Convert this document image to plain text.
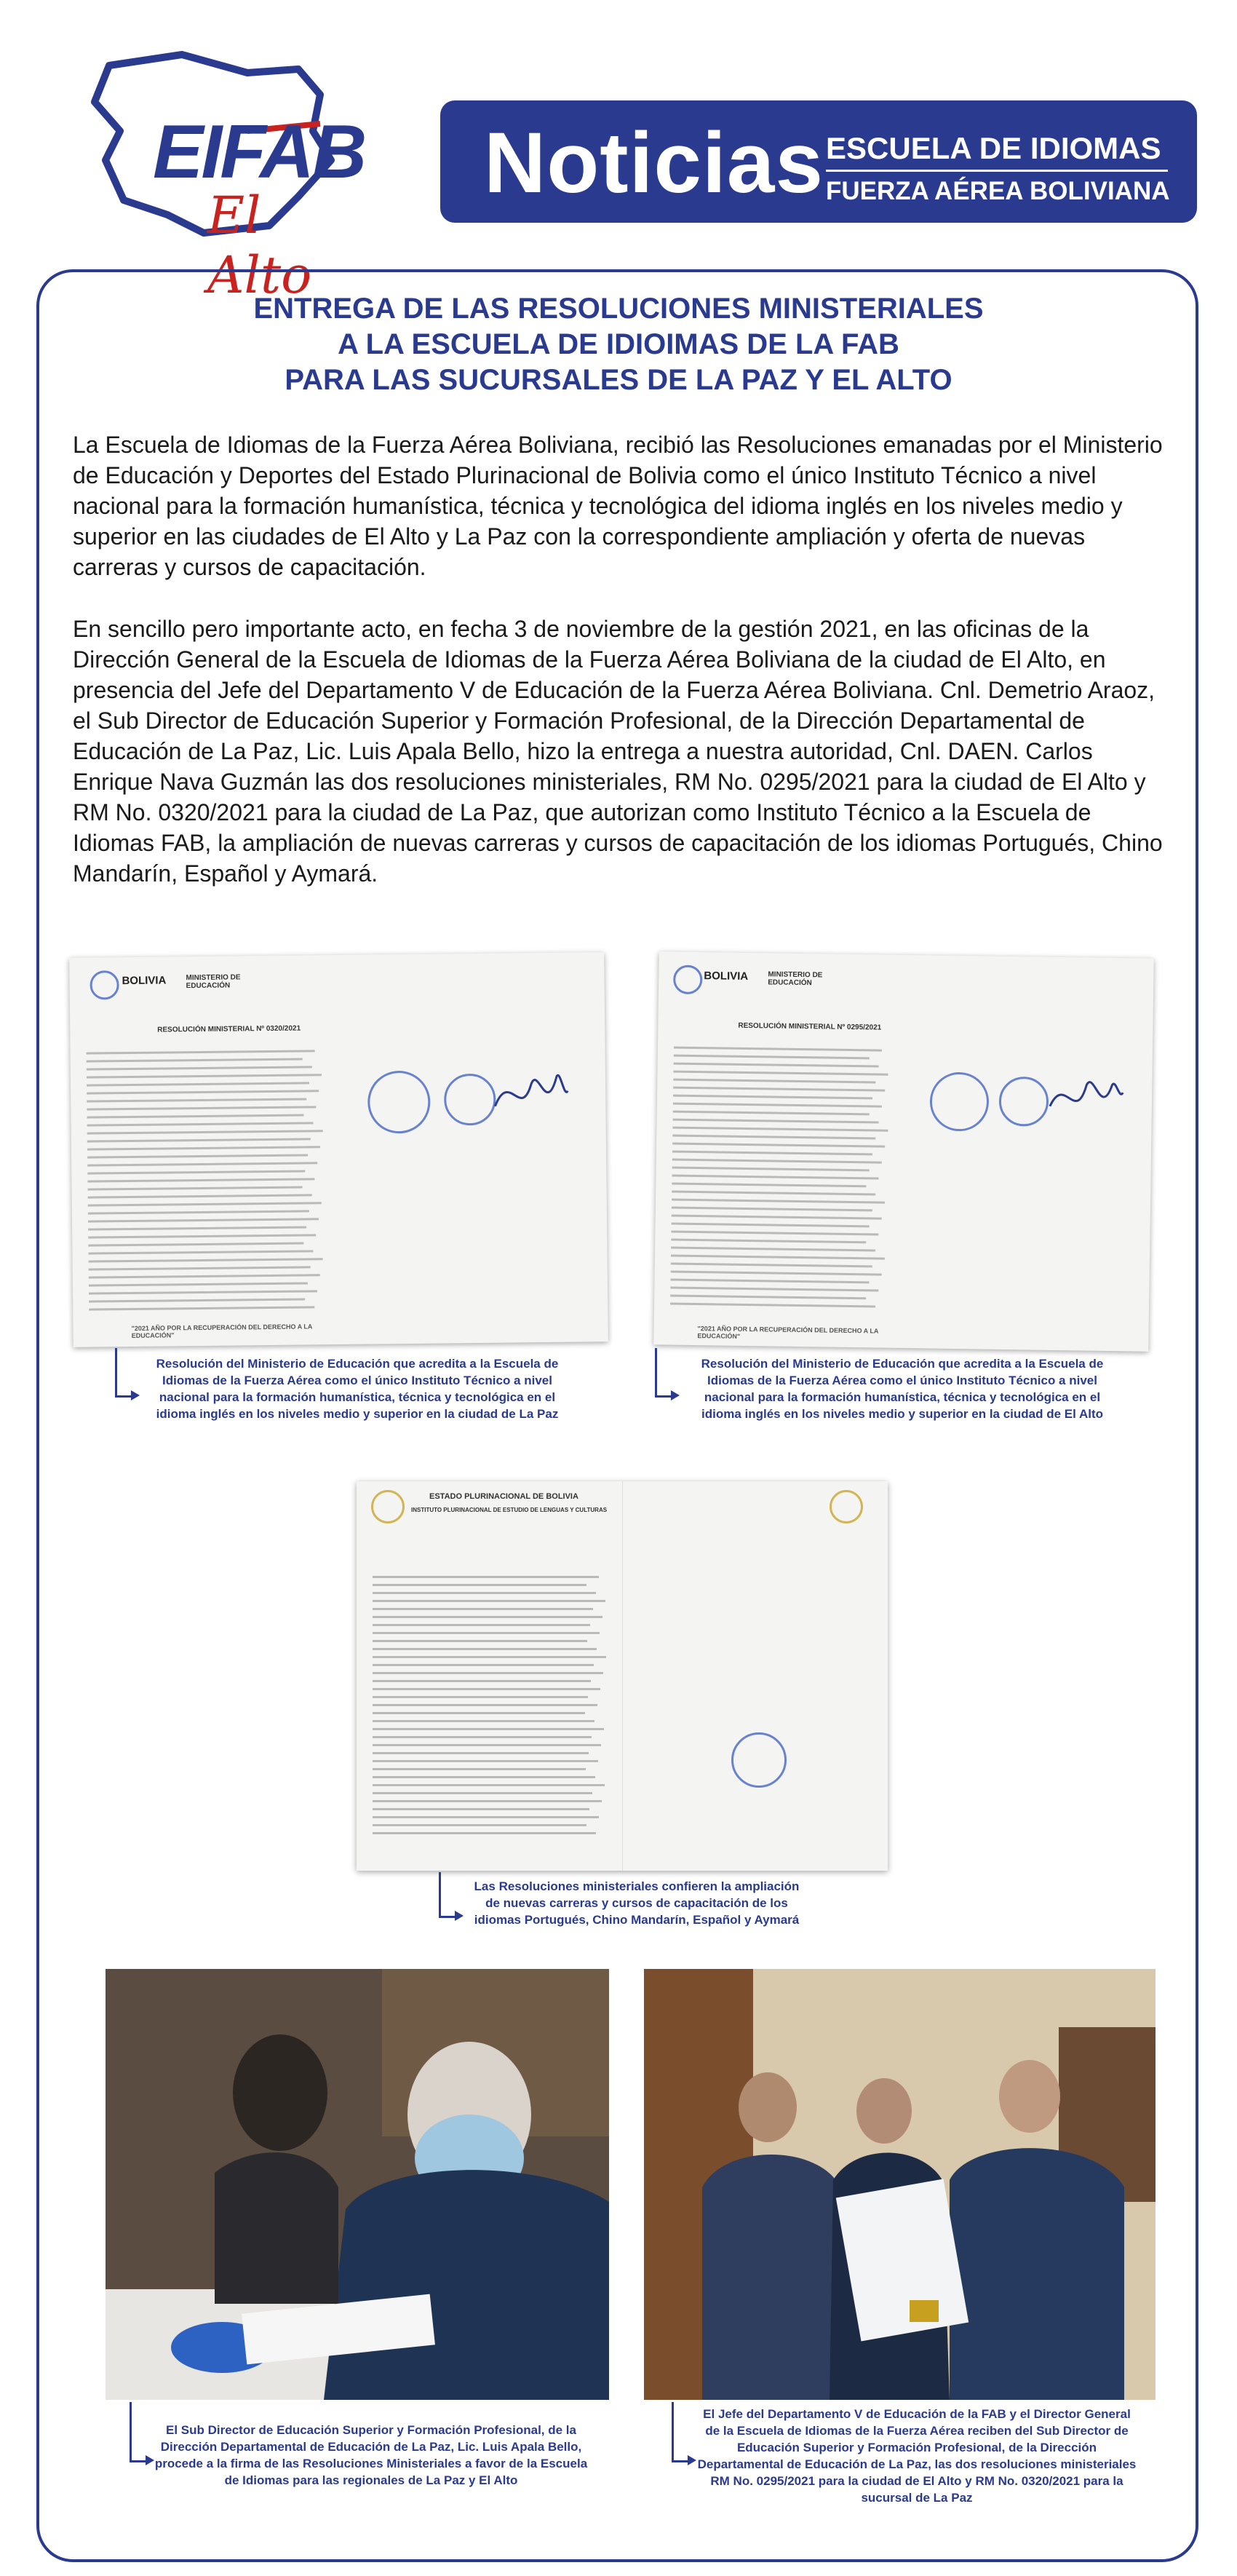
EIFAB
El Alto
Noticias ESCUELA DE IDIOMAS
FUERZA AÉREA BOLIVIANA
ENTREGA DE LAS RESOLUCIONES MINISTERIALES
A LA ESCUELA DE IDIOIMAS DE LA FAB
PARA LAS SUCURSALES DE LA PAZ Y EL ALTO
La Escuela de Idiomas de la Fuerza Aérea Boliviana, recibió las Resoluciones emanadas por el Ministerio de Educación y Deportes del Estado Plurinacional de Bolivia como el único Instituto Técnico a nivel nacional para la formación humanística, técnica y tecnológica del idioma inglés en los niveles medio y superior en las ciudades de El Alto y La Paz con la correspondiente ampliación y oferta de nuevas carreras y cursos de capacitación.
En sencillo pero importante acto, en fecha 3 de noviembre de la gestión 2021, en las oficinas de la Dirección General de la Escuela de Idiomas de la Fuerza Aérea Boliviana de la ciudad de El Alto, en presencia del Jefe del Departamento V de Educación de la Fuerza Aérea Boliviana. Cnl. Demetrio Araoz, el Sub Director de Educación Superior y Formación Profesional, de la Dirección Departamental de Educación de La Paz, Lic. Luis Apala Bello, hizo la entrega a nuestra autoridad, Cnl. DAEN. Carlos Enrique Nava Guzmán las dos resoluciones ministeriales, RM No. 0295/2021 para la ciudad de El Alto y RM No. 0320/2021 para la ciudad de La Paz, que autorizan como Instituto Técnico a la Escuela de Idiomas FAB, la ampliación de nuevas carreras y cursos de capacitación de los idiomas Portugués, Chino Mandarín, Español y Aymará.
BOLIVIA	MINISTERIO DE EDUCACIÓN
RESOLUCIÓN MINISTERIAL Nº 0320/2021
"2021 AÑO POR LA RECUPERACIÓN DEL DERECHO A LA EDUCACIÓN"
Resolución del Ministerio de Educación que acredita a la Escuela de Idiomas de la Fuerza Aérea como el único Instituto Técnico a nivel nacional para la formación humanística, técnica y tecnológica en el idioma inglés en los niveles medio y superior en la ciudad de La Paz
BOLIVIA	MINISTERIO DE EDUCACIÓN
RESOLUCIÓN MINISTERIAL Nº 0295/2021
"2021 AÑO POR LA RECUPERACIÓN DEL DERECHO A LA EDUCACIÓN"
Resolución del Ministerio de Educación que acredita a la Escuela de Idiomas de la Fuerza Aérea como el único Instituto Técnico a nivel nacional para la formación humanística, técnica y tecnológica en el idioma inglés en los niveles medio y superior en la ciudad de El Alto
ESTADO PLURINACIONAL DE BOLIVIA
INSTITUTO PLURINACIONAL DE ESTUDIO DE LENGUAS Y CULTURAS
Las Resoluciones ministeriales confieren la ampliación de nuevas carreras y cursos de capacitación de los idiomas Portugués, Chino Mandarín, Español y Aymará
El Sub Director de Educación Superior y Formación Profesional, de la Dirección Departamental de Educación de La Paz, Lic. Luis Apala Bello, procede a la firma de las Resoluciones Ministeriales a favor de la Escuela de Idiomas para las regionales de La Paz y El Alto
El Jefe del Departamento V de Educación de la FAB y el Director General de la Escuela de Idiomas de la Fuerza Aérea reciben del Sub Director de Educación Superior y Formación Profesional, de la Dirección Departamental de Educación de La Paz, las dos resoluciones ministeriales RM No. 0295/2021 para la ciudad de El Alto y RM No. 0320/2021 para la sucursal de La Paz
